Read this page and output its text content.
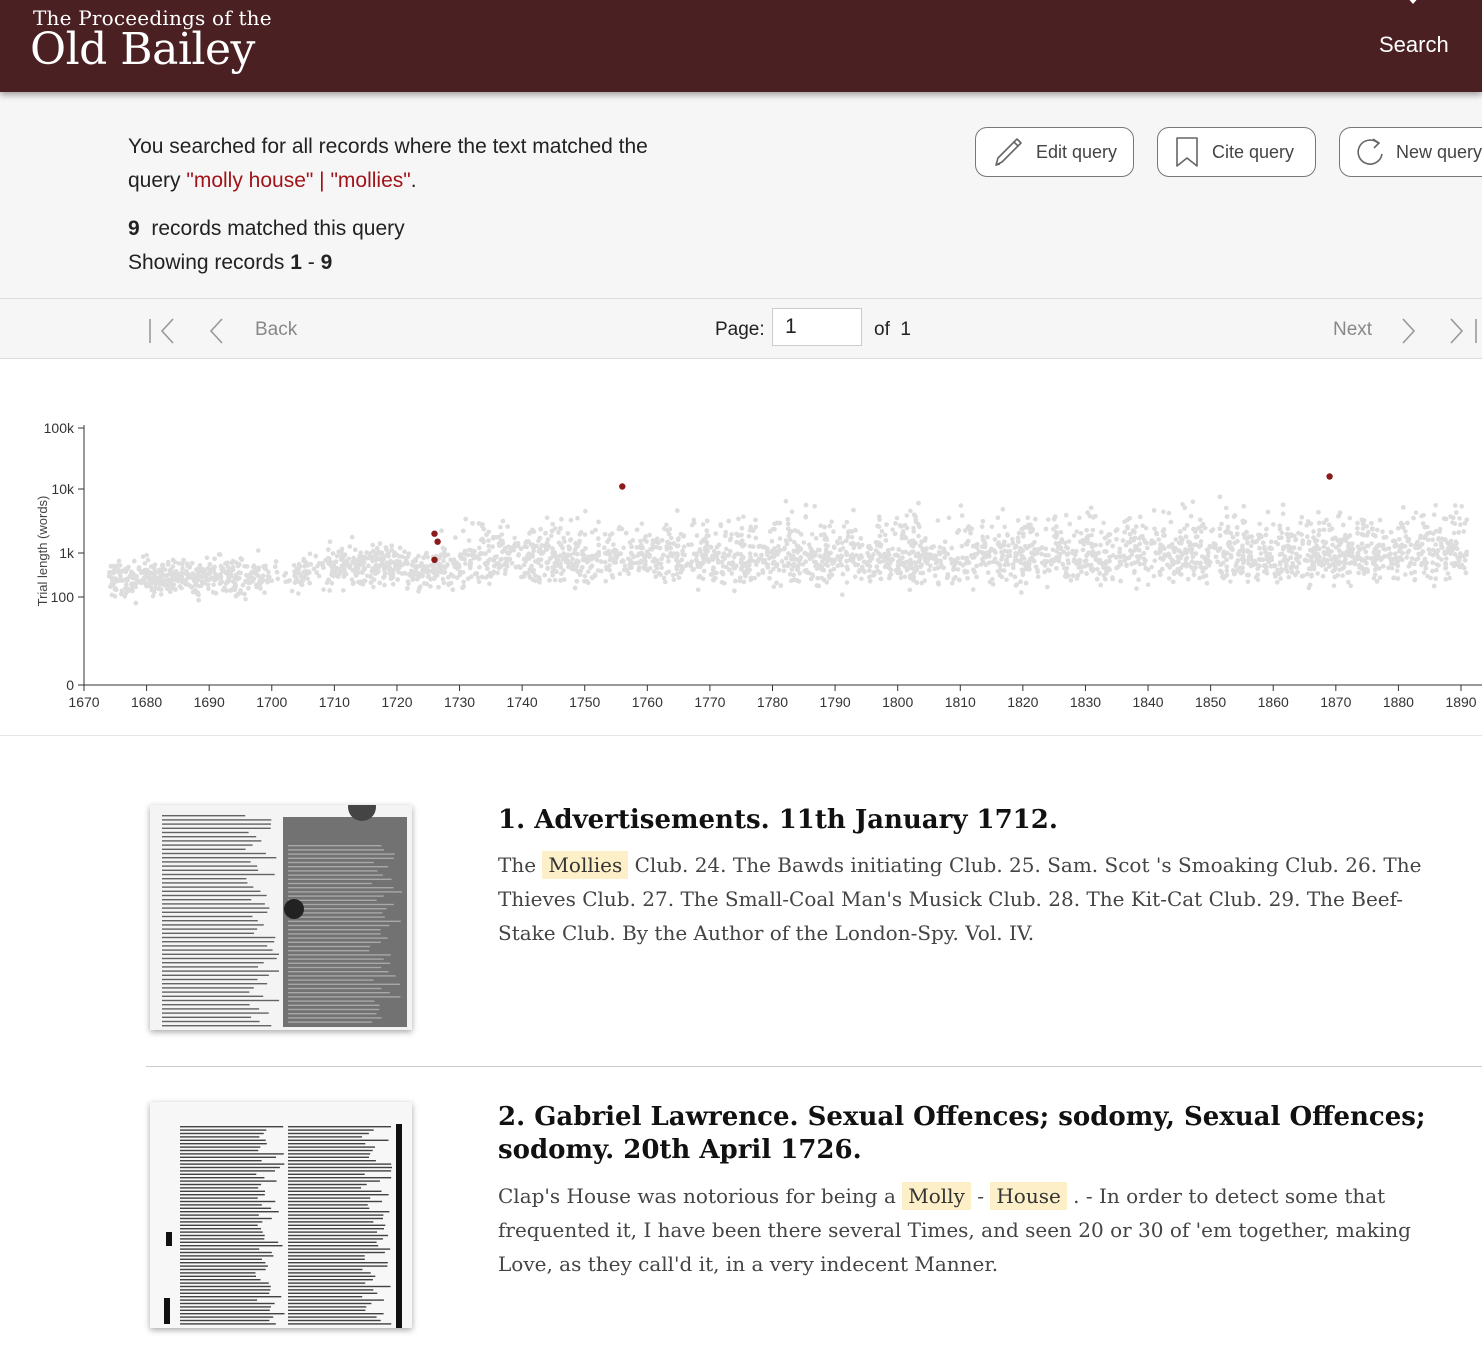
The Proceedings of the
Old Bailey	Search
You searched for all records where the text matched the query "molly house" | "mollies".
9 records matched this query
Showing records 1 - 9
Edit query	Cite query	New query
Back	Page: 1	of 1	Next
100k
10k
1k
100
0
1670 1680 1690 1700 1710 1720 1730 1740 1750 1760 1770 1780 1790 1800 1810 1820 1830 1840 1850 1860 1870 1880 1890
Trial length (words)
1. Advertisements. 11th January 1712.
The Mollies Club. 24. The Bawds initiating Club. 25. Sam. Scot 's Smoaking Club. 26. The Thieves Club. 27. The Small-Coal Man's Musick Club. 28. The Kit-Cat Club. 29. The Beef-Stake Club. By the Author of the London-Spy. Vol. IV.
2. Gabriel Lawrence. Sexual Offences; sodomy, Sexual Offences; sodomy. 20th April 1726.
Clap's House was notorious for being a Molly - House . - In order to detect some that frequented it, I have been there several Times, and seen 20 or 30 of 'em together, making Love, as they call'd it, in a very indecent Manner.
